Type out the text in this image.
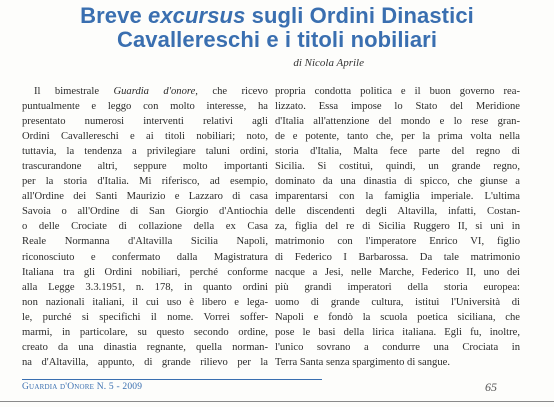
Breve excursus sugli Ordini Dinastici
Cavallereschi e i titoli nobiliari
di Nicola Aprile
Il bimestrale Guardia d'onore, che ricevo
puntualmente e leggo con molto interesse, ha
presentato numerosi interventi relativi agli
Ordini Cavallereschi e ai titoli nobiliari; noto,
tuttavia, la tendenza a privilegiare taluni ordini,
trascurandone altri, seppure molto importanti
per la storia d'Italia. Mi riferisco, ad esempio,
all'Ordine dei Santi Maurizio e Lazzaro di casa
Savoia o all'Ordine di San Giorgio d'Antiochia
o delle Crociate di collazione della ex Casa
Reale Normanna d'Altavilla Sicilia Napoli,
riconosciuto e confermato dalla Magistratura
Italiana tra gli Ordini nobiliari, perché conforme
alla Legge 3.3.1951, n. 178, in quanto ordini
non nazionali italiani, il cui uso è libero e lega-
le, purché si specifichi il nome. Vorrei soffer-
marmi, in particolare, su questo secondo ordine,
creato da una dinastia regnante, quella norman-
na d'Altavilla, appunto, di grande rilievo per la
propria condotta politica e il buon governo rea-
lizzato. Essa impose lo Stato del Meridione
d'Italia all'attenzione del mondo e lo rese gran-
de e potente, tanto che, per la prima volta nella
storia d'Italia, Malta fece parte del regno di
Sicilia. Si costituì, quindi, un grande regno,
dominato da una dinastia di spicco, che giunse a
imparentarsi con la famiglia imperiale. L'ultima
delle discendenti degli Altavilla, infatti, Costan-
za, figlia del re di Sicilia Ruggero II, si unì in
matrimonio con l'imperatore Enrico VI, figlio
di Federico I Barbarossa. Da tale matrimonio
nacque a Jesi, nelle Marche, Federico II, uno dei
più grandi imperatori della storia europea:
uomo di grande cultura, istituì l'Università di
Napoli e fondò la scuola poetica siciliana, che
pose le basi della lirica italiana. Egli fu, inoltre,
l'unico sovrano a condurre una Crociata in
Terra Santa senza spargimento di sangue.
Guardia d'Onore N. 5 - 2009	65
